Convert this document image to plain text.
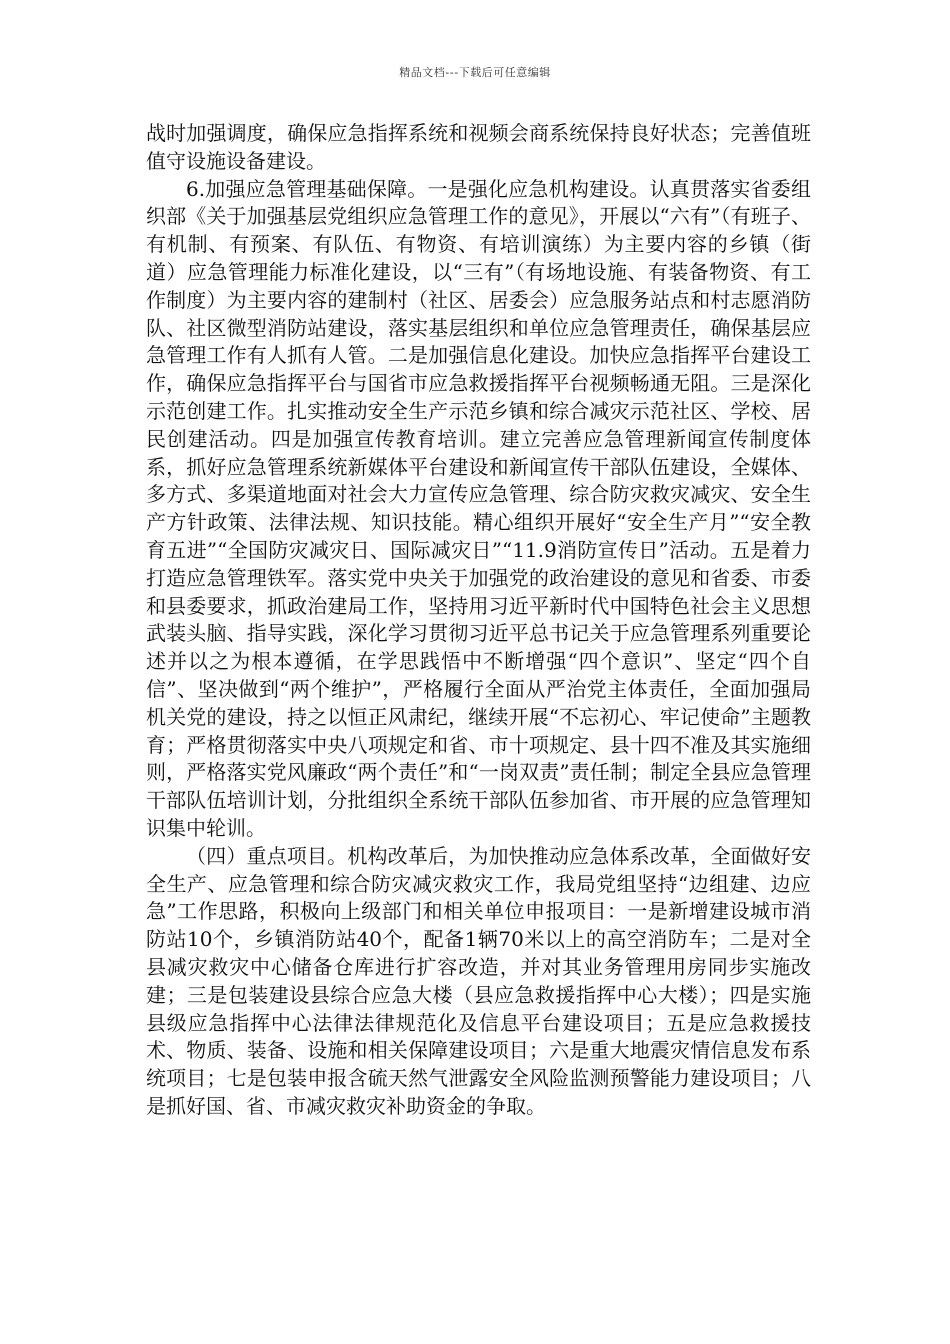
精品文档---下载后可任意编辑

战时加强调度，确保应急指挥系统和视频会商系统保持良好状态；完善值班值守设施设备建设。

6.加强应急管理基础保障。一是强化应急机构建设。认真贯落实省委组织部《关于加强基层党组织应急管理工作的意见》，开展以“六有”（有班子、有机制、有预案、有队伍、有物资、有培训演练）为主要内容的乡镇（街道）应急管理能力标准化建设，以“三有”（有场地设施、有装备物资、有工作制度）为主要内容的建制村（社区、居委会）应急服务站点和村志愿消防队、社区微型消防站建设，落实基层组织和单位应急管理责任，确保基层应急管理工作有人抓有人管。二是加强信息化建设。加快应急指挥平台建设工作，确保应急指挥平台与国省市应急救援指挥平台视频畅通无阻。三是深化示范创建工作。扎实推动安全生产示范乡镇和综合减灾示范社区、学校、居民创建活动。四是加强宣传教育培训。建立完善应急管理新闻宣传制度体系，抓好应急管理系统新媒体平台建设和新闻宣传干部队伍建设，全媒体、多方式、多渠道地面对社会大力宣传应急管理、综合防灾救灾减灾、安全生产方针政策、法律法规、知识技能。精心组织开展好“安全生产月”“安全教育五进”“全国防灾减灾日、国际减灾日”“11.9消防宣传日”活动。五是着力打造应急管理铁军。落实党中央关于加强党的政治建设的意见和省委、市委和县委要求，抓政治建局工作，坚持用习近平新时代中国特色社会主义思想武装头脑、指导实践，深化学习贯彻习近平总书记关于应急管理系列重要论述并以之为根本遵循，在学思践悟中不断增强“四个意识”、坚定“四个自信”、坚决做到“两个维护”，严格履行全面从严治党主体责任，全面加强局机关党的建设，持之以恒正风肃纪，继续开展“不忘初心、牢记使命”主题教育；严格贯彻落实中央八项规定和省、市十项规定、县十四不准及其实施细则，严格落实党风廉政“两个责任”和“一岗双责”责任制；制定全县应急管理干部队伍培训计划，分批组织全系统干部队伍参加省、市开展的应急管理知识集中轮训。

（四）重点项目。机构改革后，为加快推动应急体系改革，全面做好安全生产、应急管理和综合防灾减灾救灾工作，我局党组坚持“边组建、边应急”工作思路，积极向上级部门和相关单位申报项目：一是新增建设城市消防站10个，乡镇消防站40个，配备1辆70米以上的高空消防车；二是对全县减灾救灾中心储备仓库进行扩容改造，并对其业务管理用房同步实施改建；三是包装建设县综合应急大楼（县应急救援指挥中心大楼）；四是实施县级应急指挥中心法律法律规范化及信息平台建设项目；五是应急救援技术、物质、装备、设施和相关保障建设项目；六是重大地震灾情信息发布系统项目；七是包装申报含硫天然气泄露安全风险监测预警能力建设项目；八是抓好国、省、市减灾救灾补助资金的争取。
